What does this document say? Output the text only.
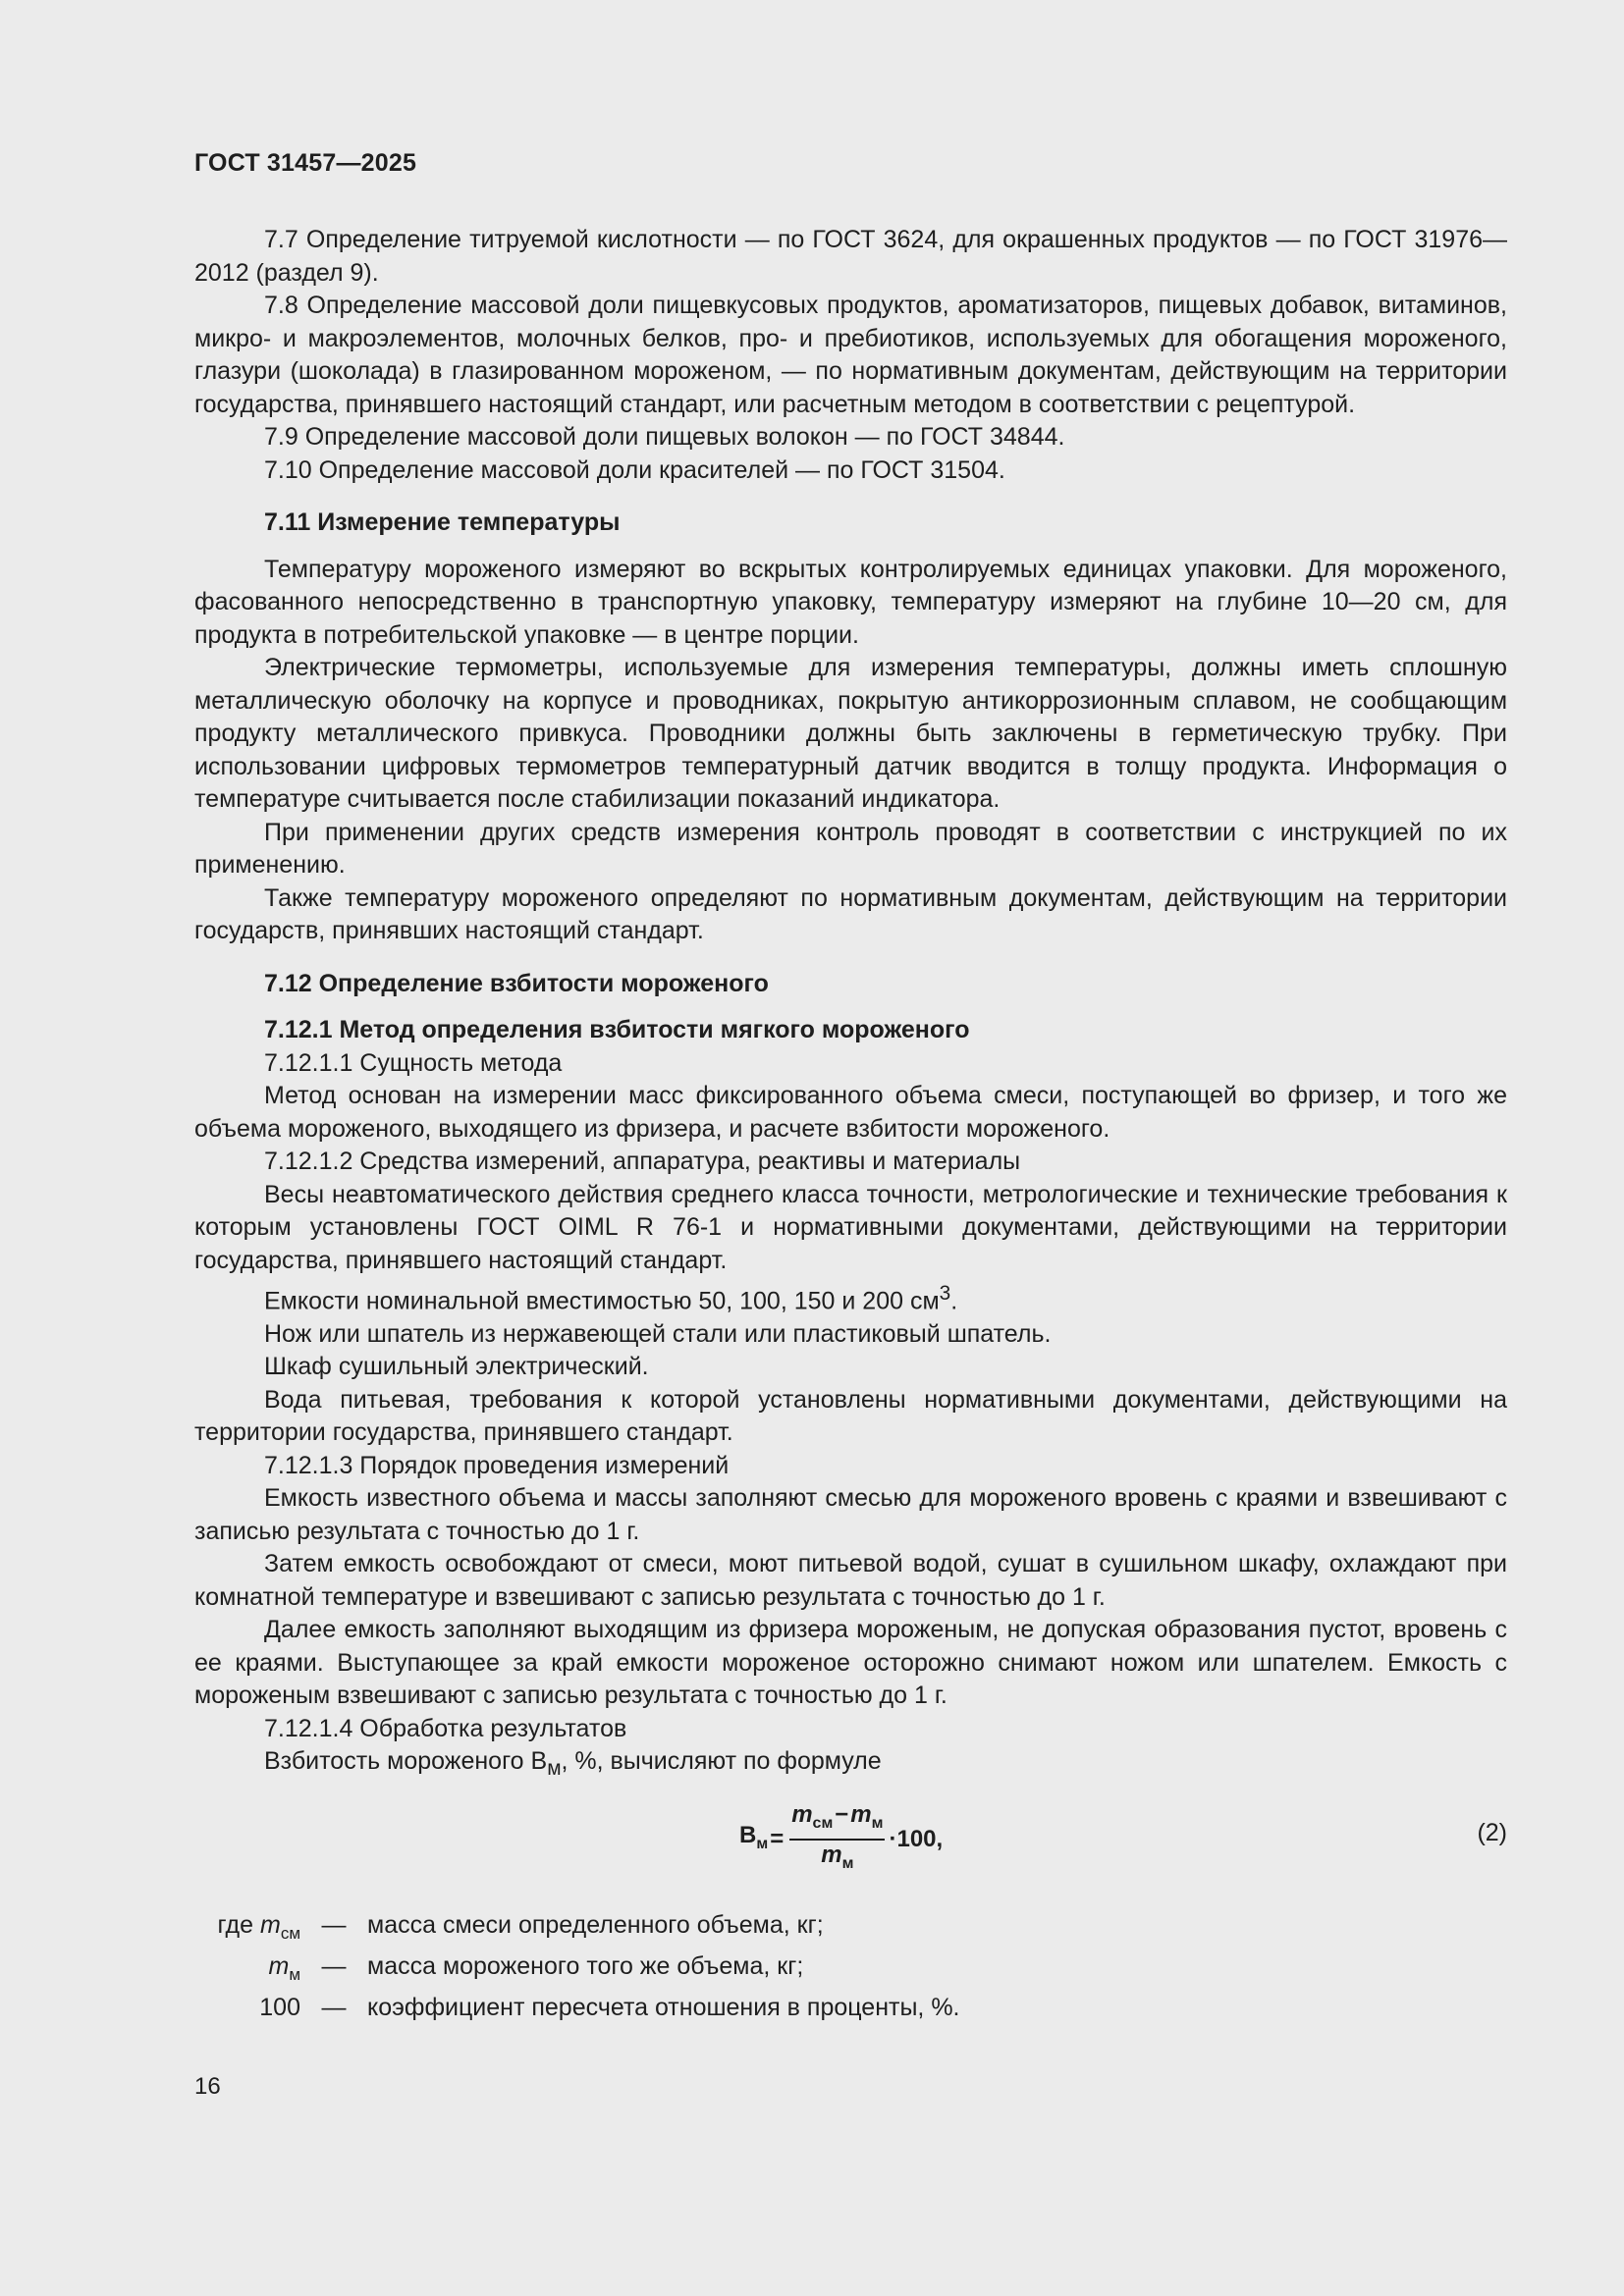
ГОСТ 31457—2025

7.7 Определение титруемой кислотности — по ГОСТ 3624, для окрашенных продуктов — по ГОСТ 31976—2012 (раздел 9).

7.8 Определение массовой доли пищевкусовых продуктов, ароматизаторов, пищевых добавок, витаминов, микро- и макроэлементов, молочных белков, про- и пребиотиков, используемых для обогащения мороженого, глазури (шоколада) в глазированном мороженом, — по нормативным документам, действующим на территории государства, принявшего настоящий стандарт, или расчетным методом в соответствии с рецептурой.

7.9 Определение массовой доли пищевых волокон — по ГОСТ 34844.

7.10 Определение массовой доли красителей — по ГОСТ 31504.

7.11 Измерение температуры

Температуру мороженого измеряют во вскрытых контролируемых единицах упаковки. Для мороженого, фасованного непосредственно в транспортную упаковку, температуру измеряют на глубине 10—20 см, для продукта в потребительской упаковке — в центре порции.

Электрические термометры, используемые для измерения температуры, должны иметь сплошную металлическую оболочку на корпусе и проводниках, покрытую антикоррозионным сплавом, не сообщающим продукту металлического привкуса. Проводники должны быть заключены в герметическую трубку. При использовании цифровых термометров температурный датчик вводится в толщу продукта. Информация о температуре считывается после стабилизации показаний индикатора.

При применении других средств измерения контроль проводят в соответствии с инструкцией по их применению.

Также температуру мороженого определяют по нормативным документам, действующим на территории государств, принявших настоящий стандарт.

7.12 Определение взбитости мороженого
7.12.1 Метод определения взбитости мягкого мороженого

7.12.1.1 Сущность метода

Метод основан на измерении масс фиксированного объема смеси, поступающей во фризер, и того же объема мороженого, выходящего из фризера, и расчете взбитости мороженого.

7.12.1.2 Средства измерений, аппаратура, реактивы и материалы

Весы неавтоматического действия среднего класса точности, метрологические и технические требования к которым установлены ГОСТ OIML R 76-1 и нормативными документами, действующими на территории государства, принявшего настоящий стандарт.

Емкости номинальной вместимостью 50, 100, 150 и 200 $см^3$.

Нож или шпатель из нержавеющей стали или пластиковый шпатель.

Шкаф сушильный электрический.

Вода питьевая, требования к которой установлены нормативными документами, действующими на территории государства, принявшего стандарт.

7.12.1.3 Порядок проведения измерений

Емкость известного объема и массы заполняют смесью для мороженого вровень с краями и взвешивают с записью результата с точностью до 1 г.

Затем емкость освобождают от смеси, моют питьевой водой, сушат в сушильном шкафу, охлаждают при комнатной температуре и взвешивают с записью результата с точностью до 1 г.

Далее емкость заполняют выходящим из фризера мороженым, не допуская образования пустот, вровень с ее краями. Выступающее за край емкости мороженое осторожно снимают ножом или шпателем. Емкость с мороженым взвешивают с записью результата с точностью до 1 г.

7.12.1.4 Обработка результатов

Взбитость мороженого $В_м$, %, вычисляют по формуле

$В_м = \frac{m_{см}-m_м}{m_м} \cdot 100$,	(2)
где $m_{см}$ — масса смеси определенного объема, кг;
$m_м$ — масса мороженого того же объема, кг;
100 — коэффициент пересчета отношения в проценты, %.
16
